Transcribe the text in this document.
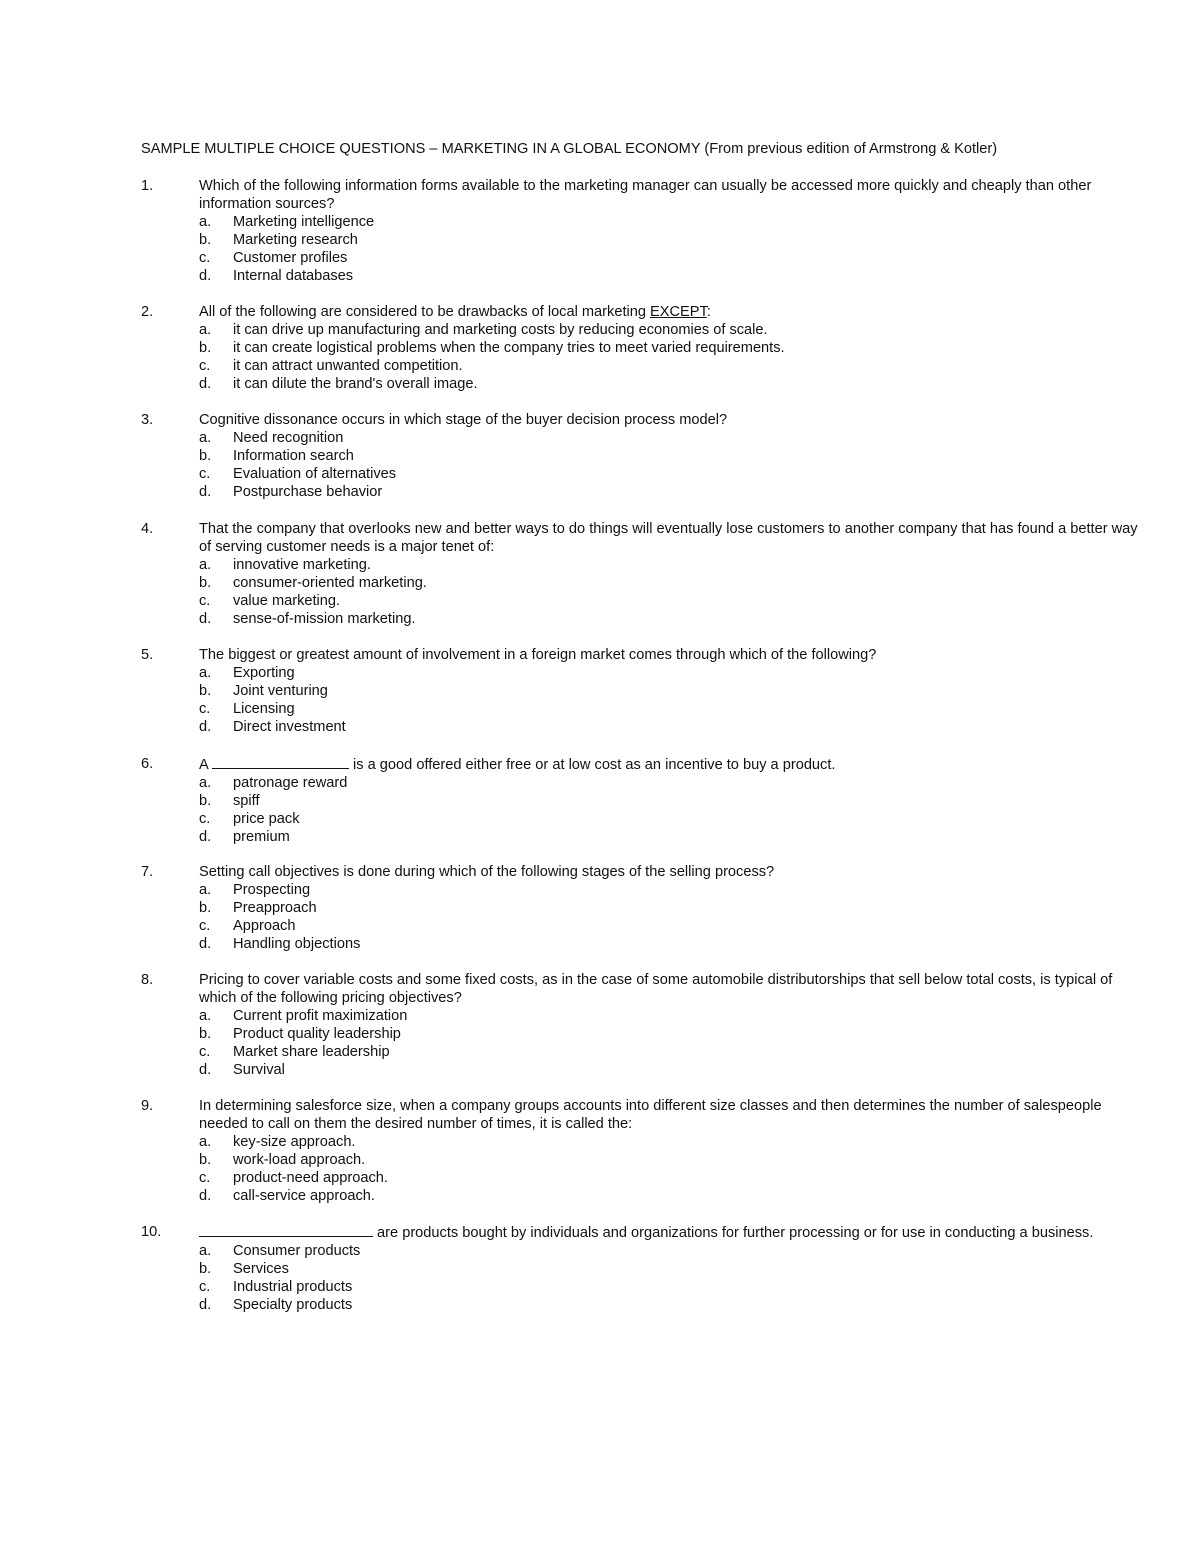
SAMPLE MULTIPLE CHOICE QUESTIONS – MARKETING IN A GLOBAL ECONOMY (From previous edition of Armstrong & Kotler)
1.	Which of the following information forms available to the marketing manager can usually be accessed more quickly and cheaply than other information sources?
a. Marketing intelligence
b. Marketing research
c. Customer profiles
d. Internal databases
2.	All of the following are considered to be drawbacks of local marketing EXCEPT:
a. it can drive up manufacturing and marketing costs by reducing economies of scale.
b. it can create logistical problems when the company tries to meet varied requirements.
c. it can attract unwanted competition.
d. it can dilute the brand's overall image.
3.	Cognitive dissonance occurs in which stage of the buyer decision process model?
a. Need recognition
b. Information search
c. Evaluation of alternatives
d. Postpurchase behavior
4.	That the company that overlooks new and better ways to do things will eventually lose customers to another company that has found a better way of serving customer needs is a major tenet of:
a. innovative marketing.
b. consumer-oriented marketing.
c. value marketing.
d. sense-of-mission marketing.
5.	The biggest or greatest amount of involvement in a foreign market comes through which of the following?
a. Exporting
b. Joint venturing
c. Licensing
d. Direct investment
6.	A	is a good offered either free or at low cost as an incentive to buy a product.
a. patronage reward
b. spiff
c. price pack
d. premium
7.	Setting call objectives is done during which of the following stages of the selling process?
a. Prospecting
b. Preapproach
c. Approach
d. Handling objections
8.	Pricing to cover variable costs and some fixed costs, as in the case of some automobile distributorships that sell below total costs, is typical of which of the following pricing objectives?
a. Current profit maximization
b. Product quality leadership
c. Market share leadership
d. Survival
9.	In determining salesforce size, when a company groups accounts into different size classes and then determines the number of salespeople needed to call on them the desired number of times, it is called the:
a. key-size approach.
b. work-load approach.
c. product-need approach.
d. call-service approach.
10.	are products bought by individuals and organizations for further processing or for use in conducting a business.
a. Consumer products
b. Services
c. Industrial products
d. Specialty products
